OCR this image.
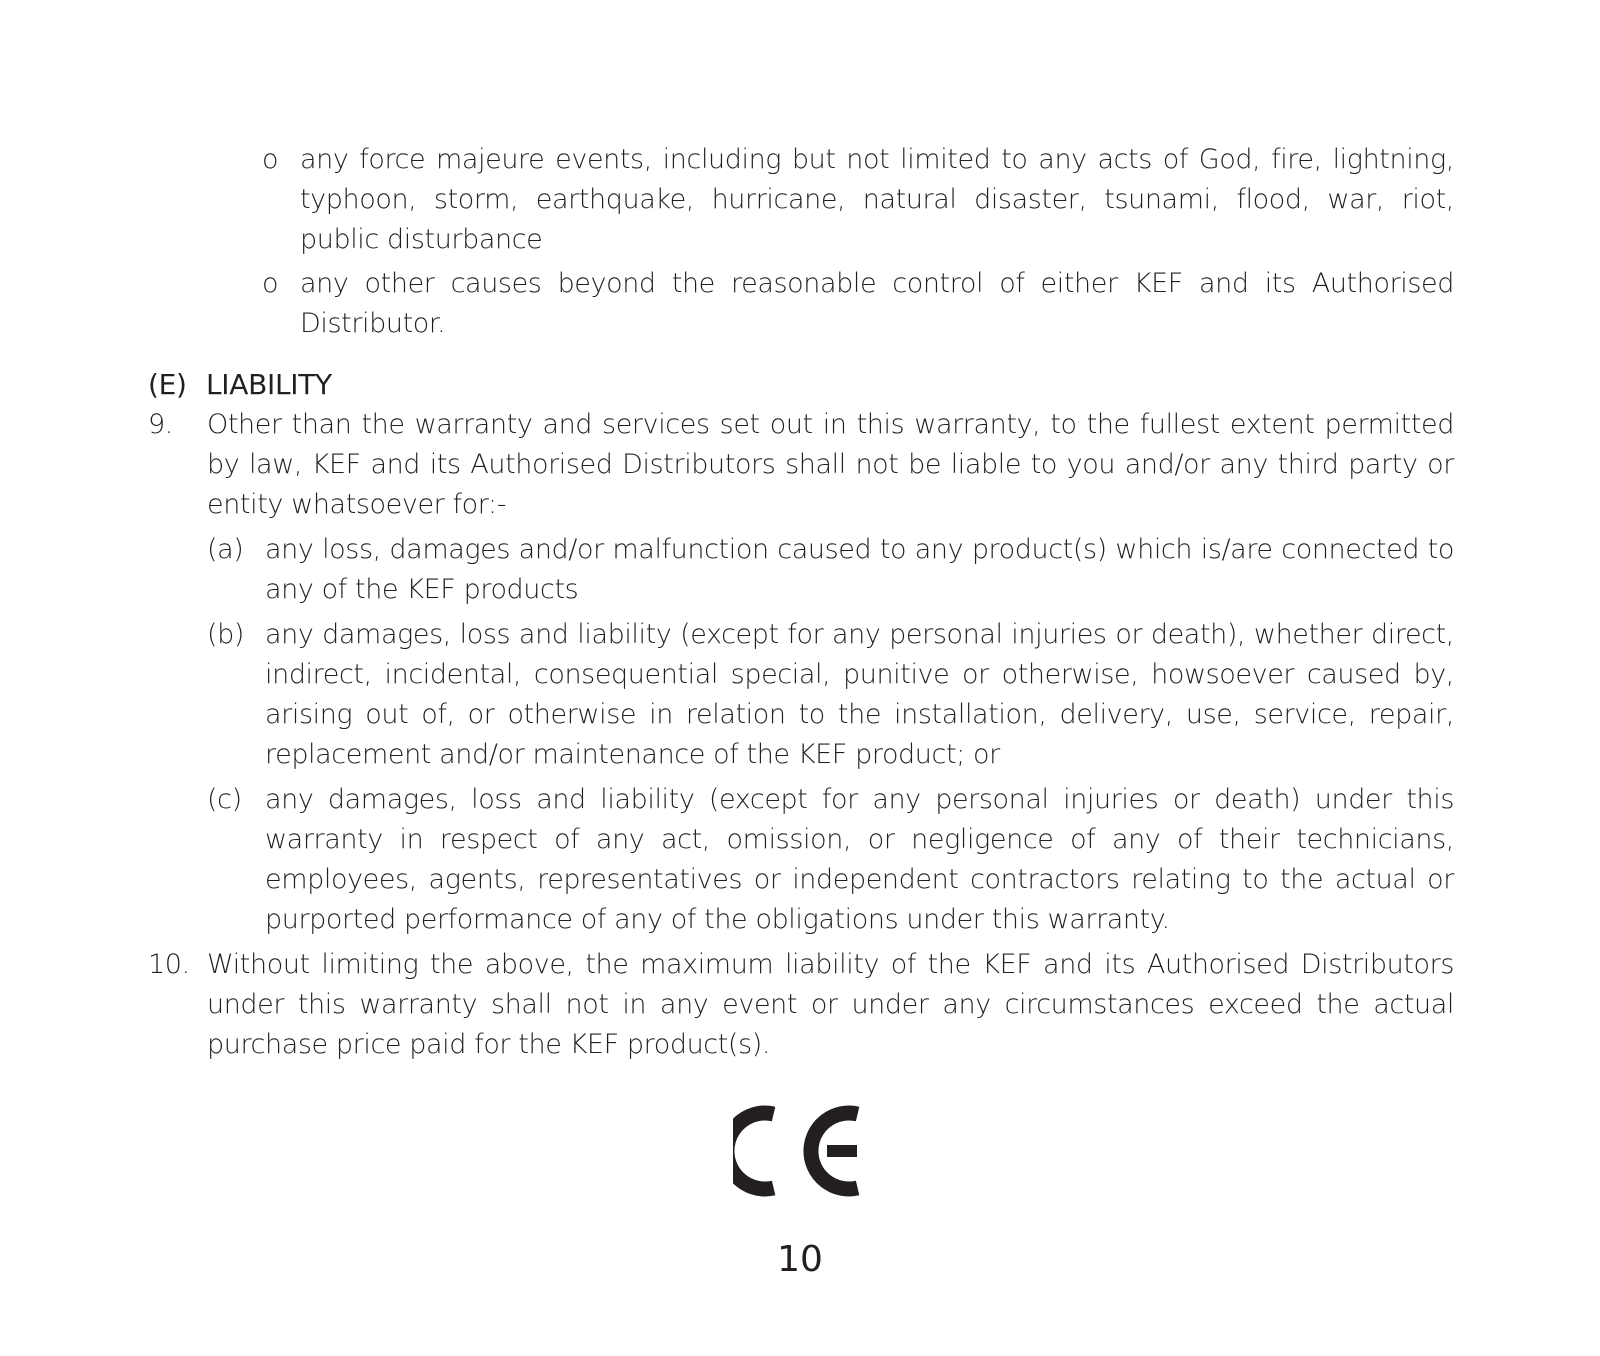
o any force majeure events, including but not limited to any acts of God, fire, lightning, typhoon, storm, earthquake, hurricane, natural disaster, tsunami, flood, war, riot, public disturbance
o any other causes beyond the reasonable control of either KEF and its Authorised Distributor.
(E) LIABILITY
9. Other than the warranty and services set out in this warranty, to the fullest extent permitted by law, KEF and its Authorised Distributors shall not be liable to you and/or any third party or entity whatsoever for:-
(a) any loss, damages and/or malfunction caused to any product(s) which is/are connected to any of the KEF products
(b) any damages, loss and liability (except for any personal injuries or death), whether direct, indirect, incidental, consequential special, punitive or otherwise, howsoever caused by, arising out of, or otherwise in relation to the installation, delivery, use, service, repair, replacement and/or maintenance of the KEF product; or
(c) any damages, loss and liability (except for any personal injuries or death) under this warranty in respect of any act, omission, or negligence of any of their technicians, employees, agents, representatives or independent contractors relating to the actual or purported performance of any of the obligations under this warranty.
10. Without limiting the above, the maximum liability of the KEF and its Authorised Distributors under this warranty shall not in any event or under any circumstances exceed the actual purchase price paid for the KEF product(s).
10
